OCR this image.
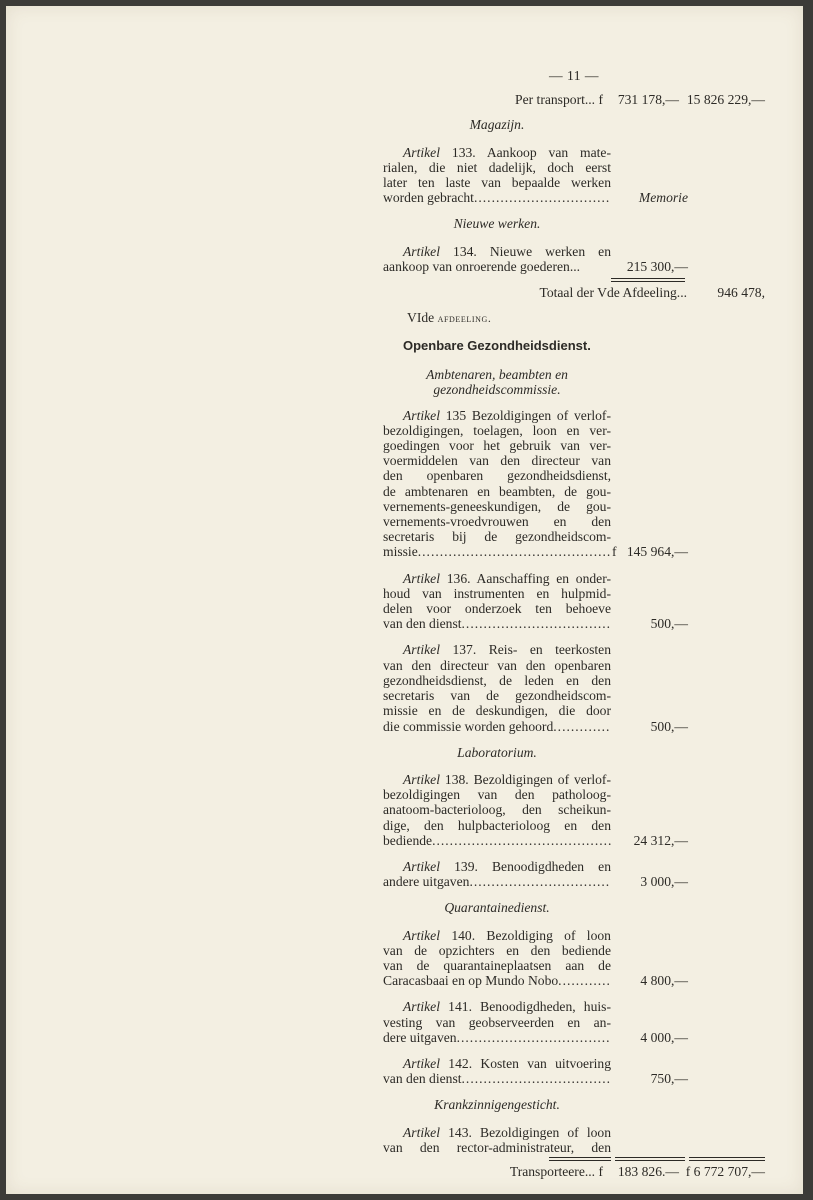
— 11 —
Per transport... f	731 178,— 15 826 229,—
Magazijn.
Artikel 133. Aankoop van mate-
rialen, die niet dadelijk, doch eerst
later ten laste van bepaalde werken
worden gebracht .....	Memorie
Nieuwe werken.
Artikel 134. Nieuwe werken en
aankoop van onroerende goederen...	215 300,—
Totaal der Vde Afdeeling...	946 478,
VIde afdeeling.
Openbare Gezondheidsdienst.
Ambtenaren, beambten en
gezondheidscommissie.
Artikel 135 Bezoldigingen of verlof-
bezoldigingen, toelagen, loon en ver-
goedingen voor het gebruik van ver-
voermiddelen van den directeur van
den openbaren gezondheidsdienst,
de ambtenaren en beambten, de gou-
vernements-geneeskundigen, de gou-
vernements-vroedvrouwen en den
secretaris bij de gezondheidscom-
missie .....	f 145 964,—
Artikel 136. Aanschaffing en onder-
houd van instrumenten en hulpmid-
delen voor onderzoek ten behoeve
van den dienst .....	500,—
Artikel 137. Reis- en teerkosten
van den directeur van den openbaren
gezondheidsdienst, de leden en den
secretaris van de gezondheidscom-
missie en de deskundigen, die door
die commissie worden gehoord .....	500,—
Laboratorium.
Artikel 138. Bezoldigingen of verlof-
bezoldigingen van den patholoog-
anatoom-bacterioloog, den scheikun-
dige, den hulpbacterioloog en den
bediende .....	24 312,—
Artikel 139. Benoodigdheden en
andere uitgaven .....	3 000,—
Quarantainedienst.
Artikel 140. Bezoldiging of loon
van de opzichters en den bediende
van de quarantaineplaatsen aan de
Caracasbaai en op Mundo Nobo .....	4 800,—
Artikel 141. Benoodigdheden, huis-
vesting van geobserveerden en an-
dere uitgaven .....	4 000,—
Artikel 142. Kosten van uitvoering
van den dienst .....	750,—
Krankzinnigengesticht.
Artikel 143. Bezoldigingen of loon
van den rector-administrateur, den
Transporteere... f	183 826.— f 6 772 707,—
